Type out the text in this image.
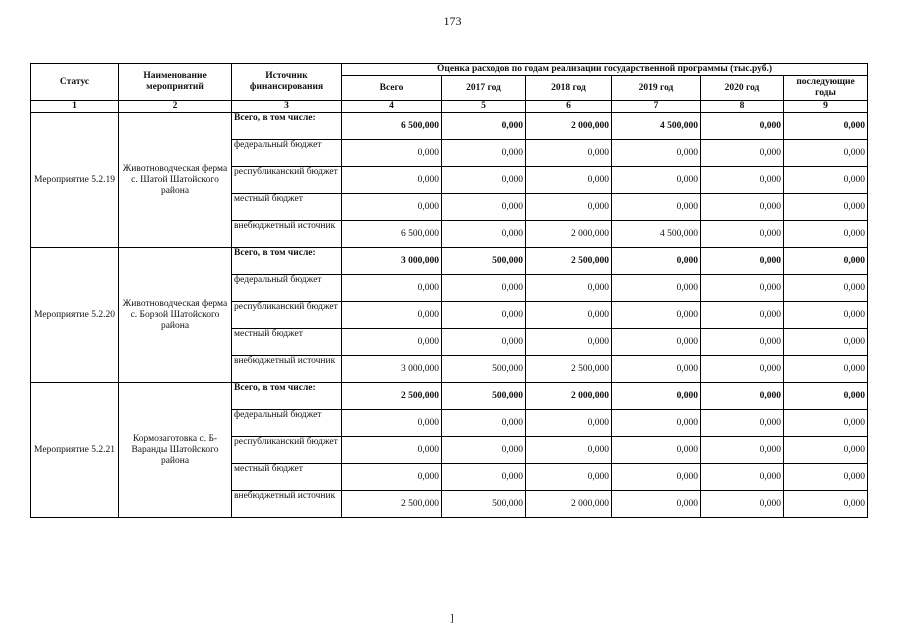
173
Статус	Наименование мероприятий	Источник финансирования	Оценка расходов по годам реализации государственной программы (тыс.руб.)					
			Всего	2017 год	2018 год	2019 год	2020 год	последующие годы
1	2	3	4	5	6	7	8	9
Мероприятие 5.2.19	Животноводческая ферма с. Шатой Шатойского района	Всего, в том числе:	6 500,000	0,000	2 000,000	4 500,000	0,000	0,000
		федеральный бюджет	0,000	0,000	0,000	0,000	0,000	0,000
		республиканский бюджет	0,000	0,000	0,000	0,000	0,000	0,000
		местный бюджет	0,000	0,000	0,000	0,000	0,000	0,000
		внебюджетный источник	6 500,000	0,000	2 000,000	4 500,000	0,000	0,000
Мероприятие 5.2.20	Животноводческая ферма с. Борзой Шатойского района	Всего, в том числе:	3 000,000	500,000	2 500,000	0,000	0,000	0,000
		федеральный бюджет	0,000	0,000	0,000	0,000	0,000	0,000
		республиканский бюджет	0,000	0,000	0,000	0,000	0,000	0,000
		местный бюджет	0,000	0,000	0,000	0,000	0,000	0,000
		внебюджетный источник	3 000,000	500,000	2 500,000	0,000	0,000	0,000
Мероприятие 5.2.21	Кормозаготовка с. Б-Варанды Шатойского района	Всего, в том числе:	2 500,000	500,000	2 000,000	0,000	0,000	0,000
		федеральный бюджет	0,000	0,000	0,000	0,000	0,000	0,000
		республиканский бюджет	0,000	0,000	0,000	0,000	0,000	0,000
		местный бюджет	0,000	0,000	0,000	0,000	0,000	0,000
		внебюджетный источник	2 500,000	500,000	2 000,000	0,000	0,000	0,000
]
